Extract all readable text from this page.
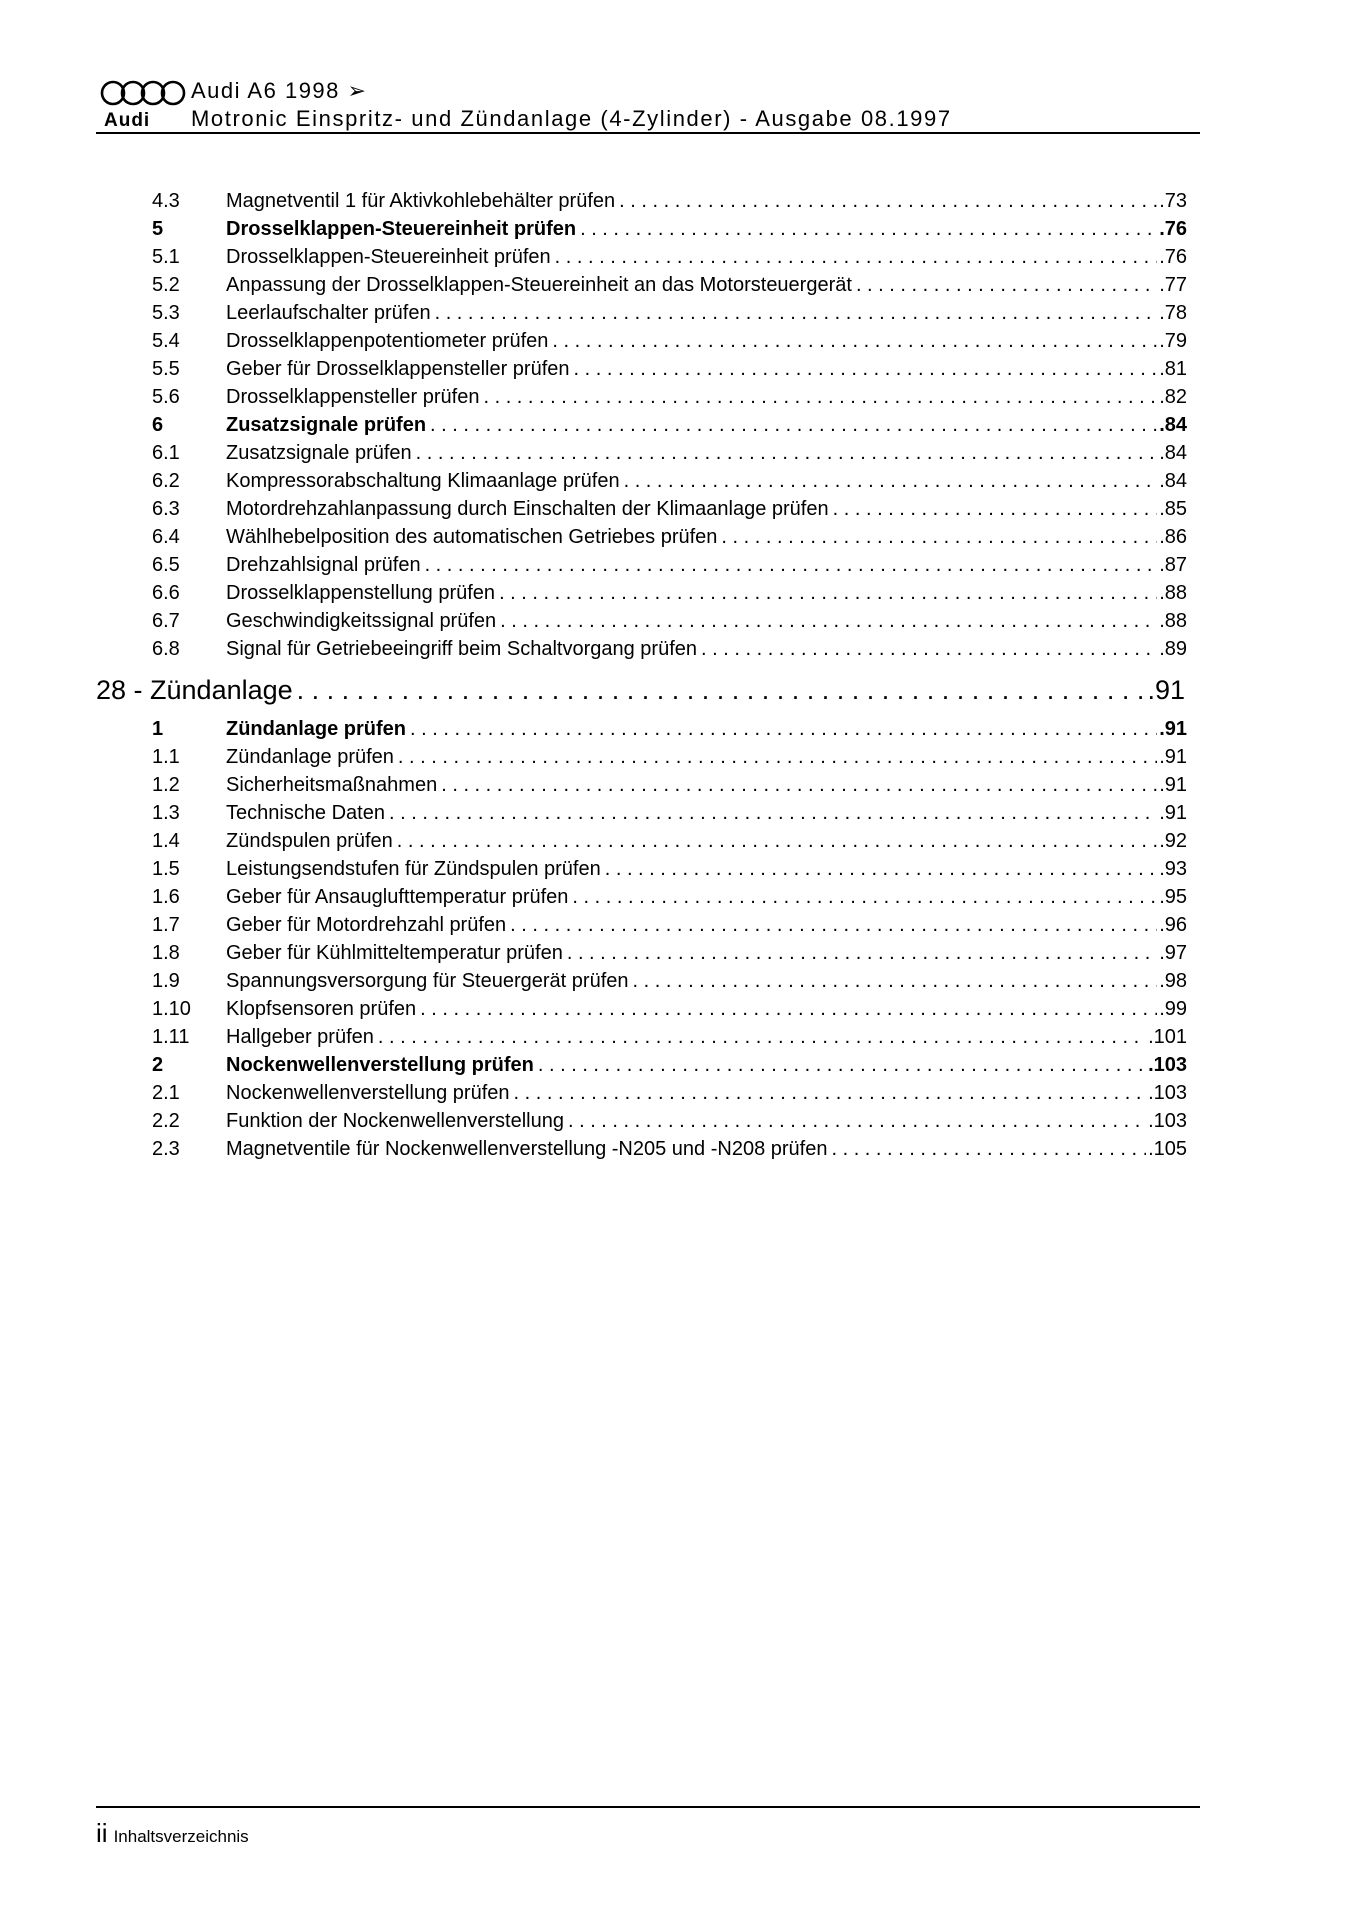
Audi
Audi A6 1998 ➢
Motronic Einspritz- und Zündanlage (4-Zylinder) - Ausgabe 08.1997
4.3	Magnetventil 1 für Aktivkohlebehälter prüfen . . .	.73
5	Drosselklappen-Steuereinheit prüfen . . .	.76
5.1	Drosselklappen-Steuereinheit prüfen . . .	.76
5.2	Anpassung der Drosselklappen-Steuereinheit an das Motorsteuergerät . . .	.77
5.3	Leerlaufschalter prüfen . . .	.78
5.4	Drosselklappenpotentiometer prüfen . . .	.79
5.5	Geber für Drosselklappensteller prüfen . . .	.81
5.6	Drosselklappensteller prüfen . . .	.82
6	Zusatzsignale prüfen . . .	.84
6.1	Zusatzsignale prüfen . . .	.84
6.2	Kompressorabschaltung Klimaanlage prüfen . . .	.84
6.3	Motordrehzahlanpassung durch Einschalten der Klimaanlage prüfen . . .	.85
6.4	Wählhebelposition des automatischen Getriebes prüfen . . .	.86
6.5	Drehzahlsignal prüfen . . .	.87
6.6	Drosselklappenstellung prüfen . . .	.88
6.7	Geschwindigkeitssignal prüfen . . .	.88
6.8	Signal für Getriebeeingriff beim Schaltvorgang prüfen . . .	.89
28 - Zündanlage . . .	.91
1	Zündanlage prüfen . . .	.91
1.1	Zündanlage prüfen . . .	.91
1.2	Sicherheitsmaßnahmen . . .	.91
1.3	Technische Daten . . .	.91
1.4	Zündspulen prüfen . . .	.92
1.5	Leistungsendstufen für Zündspulen prüfen . . .	.93
1.6	Geber für Ansauglufttemperatur prüfen . . .	.95
1.7	Geber für Motordrehzahl prüfen . . .	.96
1.8	Geber für Kühlmitteltemperatur prüfen . . .	.97
1.9	Spannungsversorgung für Steuergerät prüfen . . .	.98
1.10	Klopfsensoren prüfen . . .	.99
1.11	Hallgeber prüfen . . .	.101
2	Nockenwellenverstellung prüfen . . .	.103
2.1	Nockenwellenverstellung prüfen . . .	.103
2.2	Funktion der Nockenwellenverstellung . . .	.103
2.3	Magnetventile für Nockenwellenverstellung -N205 und -N208 prüfen . . .	.105
ii Inhaltsverzeichnis
